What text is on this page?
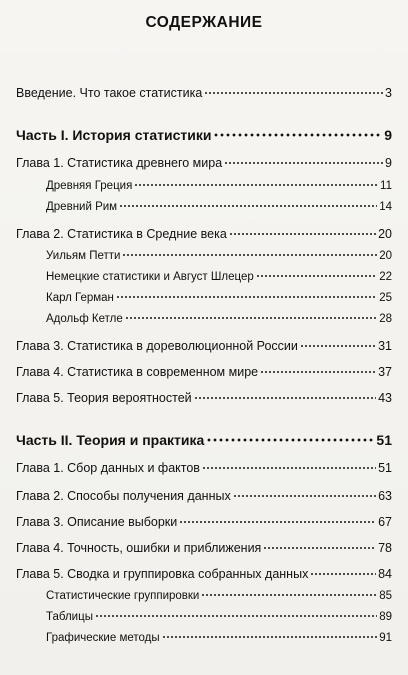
СОДЕРЖАНИЕ
Введение. Что такое статистика	3
Часть I. История статистики	9
Глава 1. Статистика древнего мира	9
Древняя Греция	11
Древний Рим	14
Глава 2. Статистика в Средние века	20
Уильям Петти	20
Немецкие статистики и Август Шлецер	22
Карл Герман	25
Адольф Кетле	28
Глава 3. Статистика в дореволюционной России	31
Глава 4. Статистика в современном мире	37
Глава 5. Теория вероятностей	43
Часть II. Теория и практика	51
Глава 1. Сбор данных и фактов	51
Глава 2. Способы получения данных	63
Глава 3. Описание выборки	67
Глава 4. Точность, ошибки и приближения	78
Глава 5. Сводка и группировка собранных данных	84
Статистические группировки	85
Таблицы	89
Графические методы	91
